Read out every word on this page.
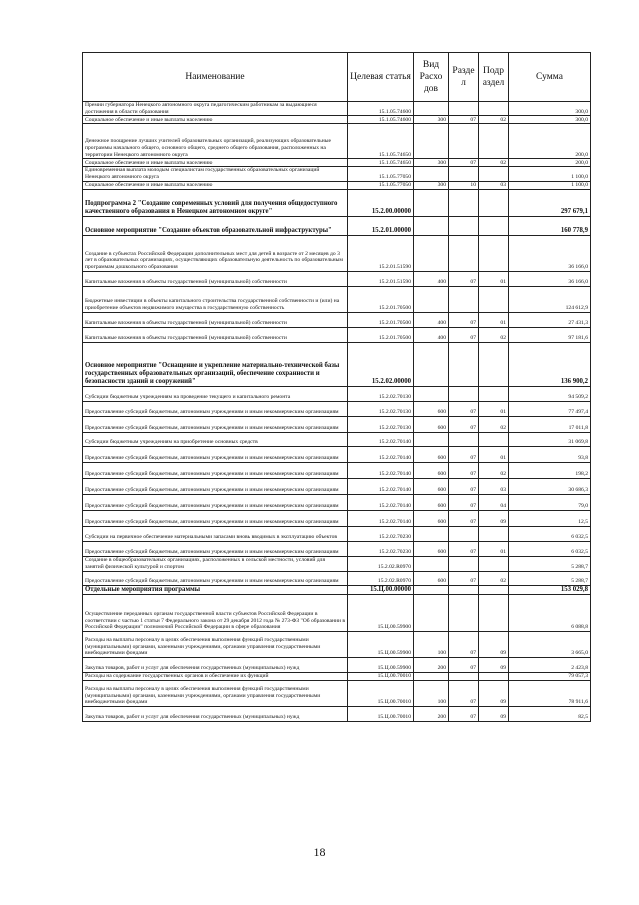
Наименование	Целевая статья	Вид Расхо дов	Разде л	Подр аздел	Сумма
Премии губернатора Ненецкого автономного округа педагогическим работникам за выдающиеся достижения в области образования	15.1.05.74600				300,0
Социальное обеспечение и иные выплаты населению	15.1.05.74600	300	07	02	300,0
Денежное поощрение лучших учителей образовательных организаций, реализующих образовательные программы начального общего, основного общего, среднего общего образования, расположенных на территории Ненецкого автономного округа	15.1.05.74650				200,0
Социальное обеспечение и иные выплаты населению	15.1.05.74650	300	07	02	200,0
Единовременная выплата молодым специалистам государственных образовательных организаций Ненецкого автономного округа	15.1.05.77050				1 100,0
Социальное обеспечение и иные выплаты населению	15.1.05.77050	300	10	03	1 100,0
Подпрограмма 2 "Создание современных условий для получения общедоступного качественного образования в Ненецком автономном округе"	15.2.00.00000				297 679,1
Основное мероприятие "Создание объектов образовательной инфраструктуры"	15.2.01.00000				160 778,9
Создание в субъектах Российской Федерации дополнительных мест для детей в возрасте от 2 месяцев до 3 лет в образовательных организациях, осуществляющих образовательную деятельность по образовательным программам дошкольного образования	15.2.01.51590				36 166,0
Капитальные вложения в объекты государственной (муниципальной) собственности	15.2.01.51590	400	07	01	36 166,0
Бюджетные инвестиции в объекты капитального строительства государственной собственности и (или) на приобретение объектов недвижимого имущества в государственную собственность	15.2.01.70500				124 612,9
Капитальные вложения в объекты государственной (муниципальной) собственности	15.2.01.70500	400	07	01	27 431,3
Капитальные вложения в объекты государственной (муниципальной) собственности	15.2.01.70500	400	07	02	97 181,6
Основное мероприятие "Оснащение и укрепление материально-технической базы государственных образовательных организаций, обеспечение сохранности и безопасности зданий и сооружений"	15.2.02.00000				136 900,2
Субсидии бюджетным учреждениям на проведение текущего и капитального ремонта	15.2.02.70130				94 509,2
Предоставление субсидий бюджетным, автономным учреждениям и иным некоммерческим организациям	15.2.02.70130	600	07	01	77 497,4
Предоставление субсидий бюджетным, автономным учреждениям и иным некоммерческим организациям	15.2.02.70130	600	07	02	17 011,8
Субсидии бюджетным учреждениям на приобретение основных средств	15.2.02.70140				31 069,8
Предоставление субсидий бюджетным, автономным учреждениям и иным некоммерческим организациям	15.2.02.70140	600	07	01	93,8
Предоставление субсидий бюджетным, автономным учреждениям и иным некоммерческим организациям	15.2.02.70140	600	07	02	198,2
Предоставление субсидий бюджетным, автономным учреждениям и иным некоммерческим организациям	15.2.02.70140	600	07	03	30 686,3
Предоставление субсидий бюджетным, автономным учреждениям и иным некоммерческим организациям	15.2.02.70140	600	07	04	79,0
Предоставление субсидий бюджетным, автономным учреждениям и иным некоммерческим организациям	15.2.02.70140	600	07	09	12,5
Субсидии на первичное обеспечение материальными запасами вновь вводимых в эксплуатацию объектов	15.2.02.70230				6 032,5
Предоставление субсидий бюджетным, автономным учреждениям и иным некоммерческим организациям	15.2.02.70230	600	07	01	6 032,5
Создание в общеобразовательных организациях, расположенных в сельской местности, условий для занятий физической культурой и спортом	15.2.02.R0970				5 288,7
Предоставление субсидий бюджетным, автономным учреждениям и иным некоммерческим организациям	15.2.02.R0970	600	07	02	5 288,7
Отдельные мероприятия программы	15.Ц.00.00000				153 029,8
Осуществление переданных органам государственной власти субъектов Российской Федерации в соответствии с частью 1 статьи 7 Федерального закона от 29 декабря 2012 года № 273-ФЗ "Об образовании в Российской Федерации" полномочий Российской Федерации в сфере образования	15.Ц.00.59900				6 088,8
Расходы на выплаты персоналу в целях обеспечения выполнения функций государственными (муниципальными) органами, казенными учреждениями, органами управления государственными внебюджетными фондами	15.Ц.00.59900	100	07	09	3 665,0
Закупка товаров, работ и услуг для обеспечения государственных (муниципальных) нужд	15.Ц.00.59900	200	07	09	2 423,8
Расходы на содержание государственных органов и обеспечение их функций	15.Ц.00.70010				79 057,3
Расходы на выплаты персоналу в целях обеспечения выполнения функций государственными (муниципальными) органами, казенными учреждениями, органами управления государственными внебюджетными фондами	15.Ц.00.70010	100	07	09	78 911,6
Закупка товаров, работ и услуг для обеспечения государственных (муниципальных) нужд	15.Ц.00.70010	200	07	09	82,5
18
